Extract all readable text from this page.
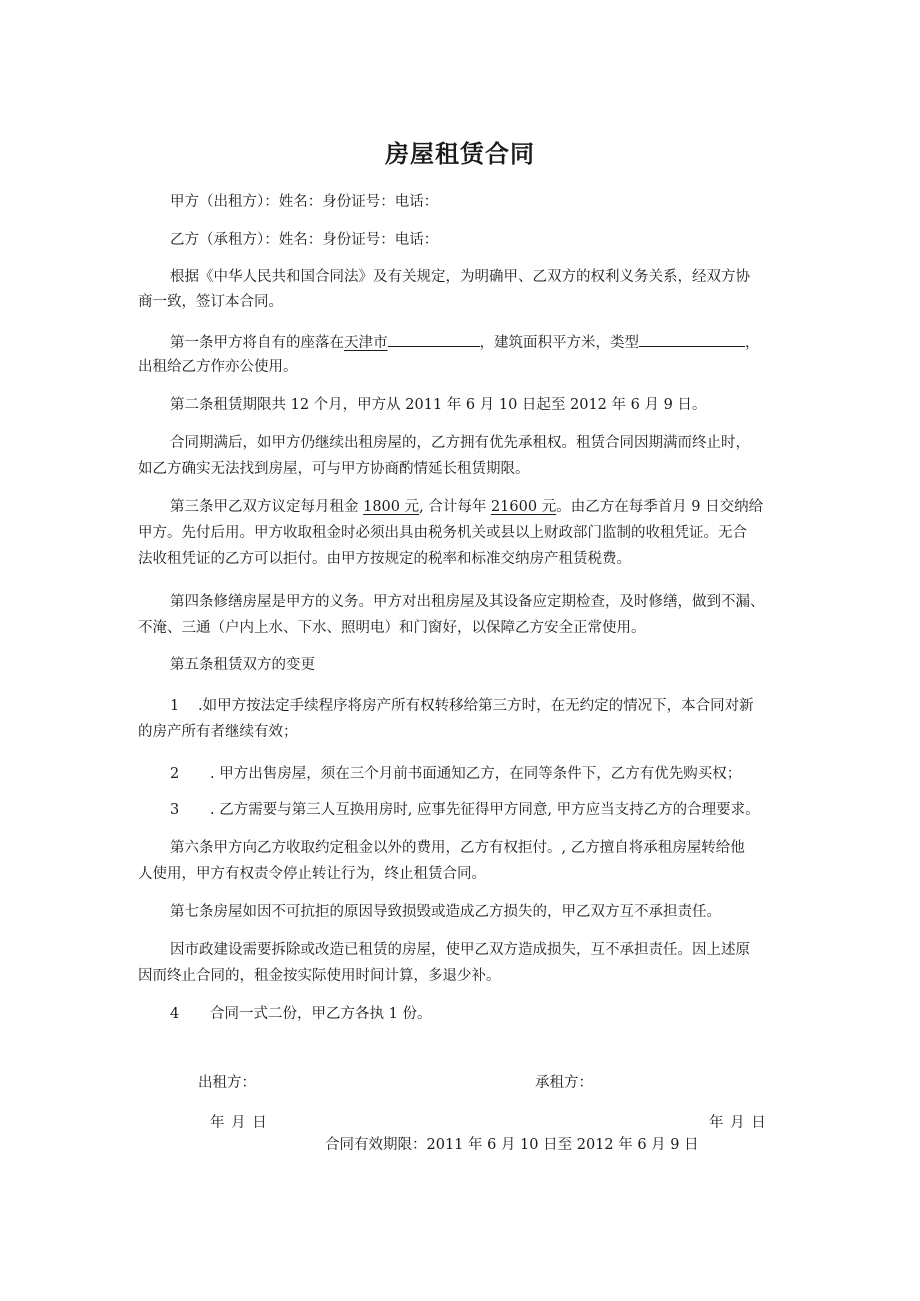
房屋租赁合同
甲方（出租方）：姓名：身份证号：电话：
乙方（承租方）：姓名：身份证号：电话：
根据《中华人民共和国合同法》及有关规定，为明确甲、乙双方的权利义务关系，经双方协
商一致，签订本合同。
第一条甲方将自有的座落在天津市	，建筑面积平方米，类型	，
出租给乙方作亦公使用。
第二条租赁期限共 12 个月，甲方从 2011 年 6 月 10 日起至 2012 年 6 月 9 日。
合同期满后，如甲方仍继续出租房屋的，乙方拥有优先承租权。租赁合同因期满而终止时，
如乙方确实无法找到房屋，可与甲方协商酌情延长租赁期限。
第三条甲乙双方议定每月租金 1800 元, 合计每年 21600 元。由乙方在每季首月 9 日交纳给
甲方。先付后用。甲方收取租金时必须出具由税务机关或县以上财政部门监制的收租凭证。无合
法收租凭证的乙方可以拒付。由甲方按规定的税率和标准交纳房产租赁税费。
第四条修缮房屋是甲方的义务。甲方对出租房屋及其设备应定期检查，及时修缮，做到不漏、
不淹、三通（户内上水、下水、照明电）和门窗好，以保障乙方安全正常使用。
第五条租赁双方的变更
1 .如甲方按法定手续程序将房产所有权转移给第三方时，在无约定的情况下，本合同对新
的房产所有者继续有效；
2 . 甲方出售房屋，须在三个月前书面通知乙方，在同等条件下，乙方有优先购买权；
3 . 乙方需要与第三人互换用房时, 应事先征得甲方同意, 甲方应当支持乙方的合理要求。
第六条甲方向乙方收取约定租金以外的费用，乙方有权拒付。, 乙方擅自将承租房屋转给他
人使用，甲方有权责令停止转让行为，终止租赁合同。
第七条房屋如因不可抗拒的原因导致损毁或造成乙方损失的，甲乙双方互不承担责任。
因市政建设需要拆除或改造已租赁的房屋，使甲乙双方造成损失，互不承担责任。因上述原
因而终止合同的，租金按实际使用时间计算，多退少补。
4 合同一式二份，甲乙方各执 1 份。
出租方：	承租方：
年 月 日	年 月 日
合同有效期限：2011 年 6 月 10 日至 2012 年 6 月 9 日
